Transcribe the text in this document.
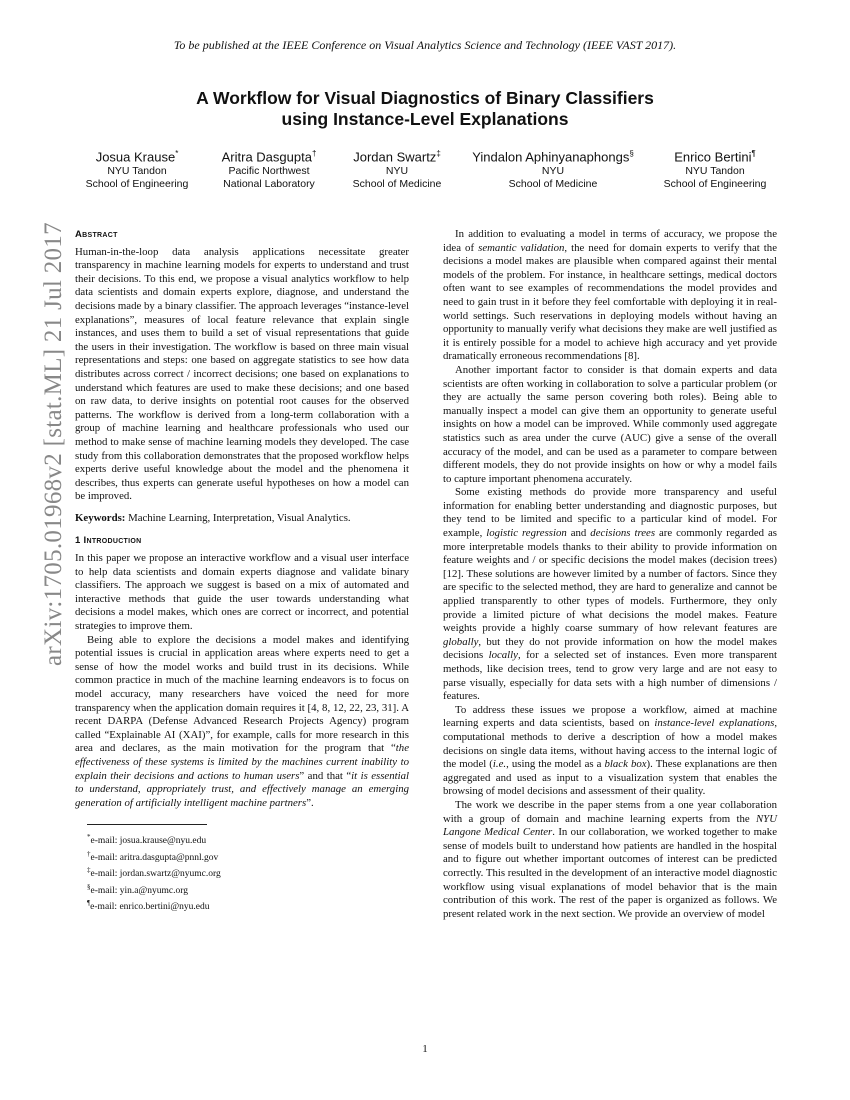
To be published at the IEEE Conference on Visual Analytics Science and Technology (IEEE VAST 2017).
A Workflow for Visual Diagnostics of Binary Classifiers
using Instance-Level Explanations
Josua Krause*
NYU Tandon
School of Engineering
Aritra Dasgupta†
Pacific Northwest
National Laboratory
Jordan Swartz‡
NYU
School of Medicine
Yindalon Aphinyanaphongs§
NYU
School of Medicine
Enrico Bertini¶
NYU Tandon
School of Engineering
arXiv:1705.01968v2 [stat.ML] 21 Jul 2017 Abstract

Human-in-the-loop data analysis applications necessitate greater transparency in machine learning models for experts to understand and trust their decisions. To this end, we propose a visual analytics workflow to help data scientists and domain experts explore, diagnose, and understand the decisions made by a binary classifier. The approach leverages “instance-level explanations”, measures of local feature relevance that explain single instances, and uses them to build a set of visual representations that guide the users in their investigation. The workflow is based on three main visual representations and steps: one based on aggregate statistics to see how data distributes across correct / incorrect decisions; one based on explanations to understand which features are used to make these decisions; and one based on raw data, to derive insights on potential root causes for the observed patterns. The workflow is derived from a long-term collaboration with a group of machine learning and healthcare professionals who used our method to make sense of machine learning models they developed. The case study from this collaboration demonstrates that the proposed workflow helps experts derive useful knowledge about the model and the phenomena it describes, thus experts can generate useful hypotheses on how a model can be improved.

Keywords: Machine Learning, Interpretation, Visual Analytics.

1 Introduction

In this paper we propose an interactive workflow and a visual user interface to help data scientists and domain experts diagnose and validate binary classifiers. The approach we suggest is based on a mix of automated and interactive methods that guide the user towards understanding what decisions a model makes, which ones are correct or incorrect, and potential strategies to improve them.

Being able to explore the decisions a model makes and identifying potential issues is crucial in application areas where experts need to get a sense of how the model works and build trust in its decisions. While common practice in much of the machine learning endeavors is to focus on model accuracy, many researchers have voiced the need for more transparency when the application domain requires it [4, 8, 12, 22, 23, 31]. A recent DARPA (Defense Advanced Research Projects Agency) program called “Explainable AI (XAI)”, for example, calls for more research in this area and declares, as the main motivation for the program that “the effectiveness of these systems is limited by the machines current inability to explain their decisions and actions to human users” and that “it is essential to understand, appropriately trust, and effectively manage an emerging generation of artificially intelligent machine partners”.

*e-mail: josua.krause@nyu.edu
†e-mail: aritra.dasgupta@pnnl.gov
‡e-mail: jordan.swartz@nyumc.org
§e-mail: yin.a@nyumc.org
¶e-mail: enrico.bertini@nyu.edu

In addition to evaluating a model in terms of accuracy, we propose the idea of semantic validation, the need for domain experts to verify that the decisions a model makes are plausible when compared against their mental models of the problem. For instance, in healthcare settings, medical doctors often want to see examples of recommendations the model provides and need to gain trust in it before they feel comfortable with deploying it in real-world settings. Such reservations in deploying models without having an opportunity to manually verify what decisions they make are well justified as it is entirely possible for a model to achieve high accuracy and yet provide dramatically erroneous recommendations [8].

Another important factor to consider is that domain experts and data scientists are often working in collaboration to solve a particular problem (or they are actually the same person covering both roles). Being able to manually inspect a model can give them an opportunity to generate useful insights on how a model can be improved. While commonly used aggregate statistics such as area under the curve (AUC) give a sense of the overall accuracy of the model, and can be used as a parameter to compare between different models, they do not provide insights on how or why a model fails to capture important phenomena accurately.

Some existing methods do provide more transparency and useful information for enabling better understanding and diagnostic purposes, but they tend to be limited and specific to a particular kind of model. For example, logistic regression and decisions trees are commonly regarded as more interpretable models thanks to their ability to provide information on feature weights and / or specific decisions the model makes (decision trees) [12]. These solutions are however limited by a number of factors. Since they are specific to the selected method, they are hard to generalize and cannot be applied transparently to other types of models. Furthermore, they only provide a limited picture of what decisions the model makes. Feature weights provide a highly coarse summary of how relevant features are globally, but they do not provide information on how the model makes decisions locally, for a selected set of instances. Even more transparent methods, like decision trees, tend to grow very large and are not easy to parse visually, especially for data sets with a high number of dimensions / features.

To address these issues we propose a workflow, aimed at machine learning experts and data scientists, based on instance-level explanations, computational methods to derive a description of how a model makes decisions on single data items, without having access to the internal logic of the model (i.e., using the model as a black box). These explanations are then aggregated and used as input to a visualization system that enables the browsing of model decisions and assessment of their quality.

The work we describe in the paper stems from a one year collaboration with a group of domain and machine learning experts from the NYU Langone Medical Center. In our collaboration, we worked together to make sense of models built to understand how patients are handled in the hospital and to figure out whether important outcomes of interest can be predicted correctly. This resulted in the development of an interactive model diagnostic workflow using visual explanations of model behavior that is the main contribution of this work. The rest of the paper is organized as follows. We present related work in the next section. We provide an overview of model

1
